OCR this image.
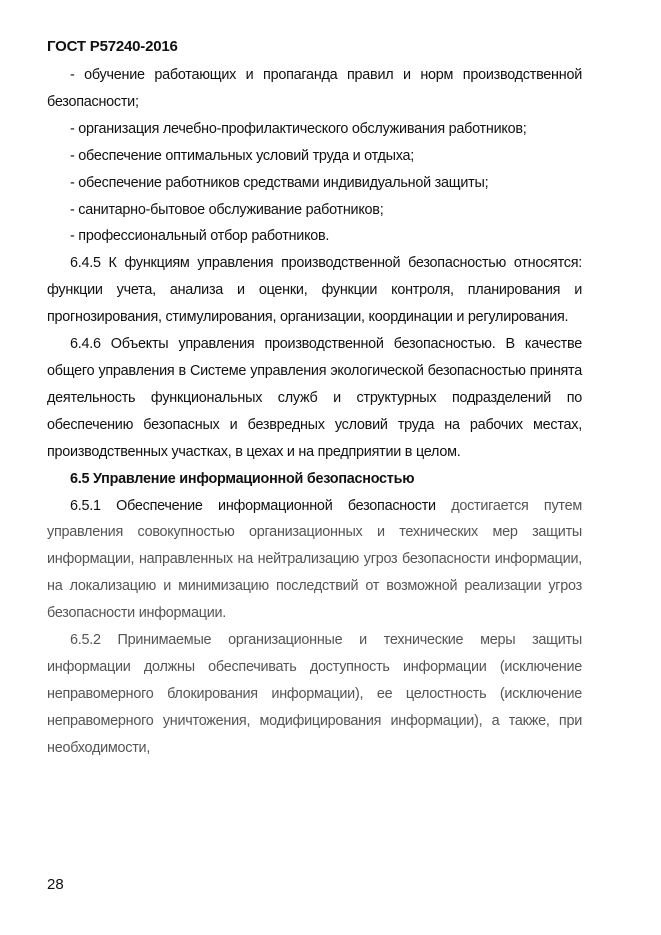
ГОСТ Р57240-2016

- обучение работающих и пропаганда правил и норм производственной безопасности;

- организация лечебно-профилактического обслуживания работников;

- обеспечение оптимальных условий труда и отдыха;

- обеспечение работников средствами индивидуальной защиты;

- санитарно-бытовое обслуживание работников;

- профессиональный отбор работников.

6.4.5 К функциям управления производственной безопасностью относятся: функции учета, анализа и оценки, функции контроля, планирования и прогнозирования, стимулирования, организации, координации и регулирования.

6.4.6 Объекты управления производственной безопасностью. В качестве общего управления в Системе управления экологической безопасностью принята деятельность функциональных служб и структурных подразделений по обеспечению безопасных и безвредных условий труда на рабочих местах, производственных участках, в цехах и на предприятии в целом.

6.5 Управление информационной безопасностью

6.5.1 Обеспечение информационной безопасности достигается путем управления совокупностью организационных и технических мер защиты информации, направленных на нейтрализацию угроз безопасности информации, на локализацию и минимизацию последствий от возможной реализации угроз безопасности информации.

6.5.2 Принимаемые организационные и технические меры защиты информации должны обеспечивать доступность информации (исключение неправомерного блокирования информации), ее целостность (исключение неправомерного уничтожения, модифицирования информации), а также, при необходимости,

28
